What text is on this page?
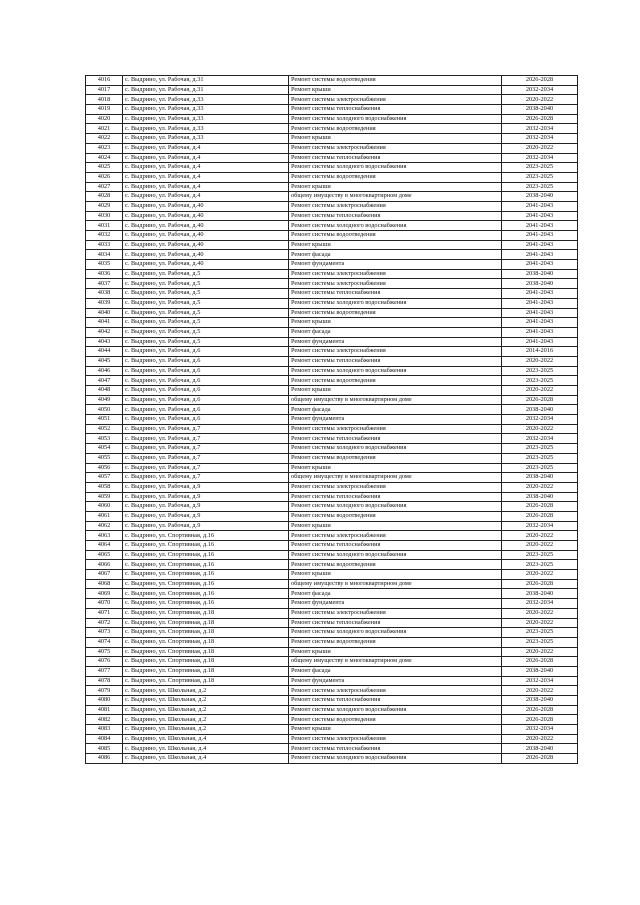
4016	с. Выдрино, ул. Рабочая, д.31	Ремонт системы водоотведения	2026-2028
4017	с. Выдрино, ул. Рабочая, д.31	Ремонт крыши	2032-2034
4018	с. Выдрино, ул. Рабочая, д.33	Ремонт системы электроснабжения	2020-2022
4019	с. Выдрино, ул. Рабочая, д.33	Ремонт системы теплоснабжения	2038-2040
4020	с. Выдрино, ул. Рабочая, д.33	Ремонт системы холодного водоснабжения	2026-2028
4021	с. Выдрино, ул. Рабочая, д.33	Ремонт системы водоотведения	2032-2034
4022	с. Выдрино, ул. Рабочая, д.33	Ремонт крыши	2032-2034
4023	с. Выдрино, ул. Рабочая, д.4	Ремонт системы электроснабжения	2020-2022
4024	с. Выдрино, ул. Рабочая, д.4	Ремонт системы теплоснабжения	2032-2034
4025	с. Выдрино, ул. Рабочая, д.4	Ремонт системы холодного водоснабжения	2023-2025
4026	с. Выдрино, ул. Рабочая, д.4	Ремонт системы водоотведения	2023-2025
4027	с. Выдрино, ул. Рабочая, д.4	Ремонт крыши	2023-2025
4028	с. Выдрино, ул. Рабочая, д.4	общему имуществу в многоквартирном доме	2038-2040
4029	с. Выдрино, ул. Рабочая, д.40	Ремонт системы электроснабжения	2041-2043
4030	с. Выдрино, ул. Рабочая, д.40	Ремонт системы теплоснабжения	2041-2043
4031	с. Выдрино, ул. Рабочая, д.40	Ремонт системы холодного водоснабжения	2041-2043
4032	с. Выдрино, ул. Рабочая, д.40	Ремонт системы водоотведения	2041-2043
4033	с. Выдрино, ул. Рабочая, д.40	Ремонт крыши	2041-2043
4034	с. Выдрино, ул. Рабочая, д.40	Ремонт фасада	2041-2043
4035	с. Выдрино, ул. Рабочая, д.40	Ремонт фундамента	2041-2043
4036	с. Выдрино, ул. Рабочая, д.5	Ремонт системы электроснабжения	2038-2040
4037	с. Выдрино, ул. Рабочая, д.5	Ремонт системы электроснабжения	2038-2040
4038	с. Выдрино, ул. Рабочая, д.5	Ремонт системы теплоснабжения	2041-2043
4039	с. Выдрино, ул. Рабочая, д.5	Ремонт системы холодного водоснабжения	2041-2043
4040	с. Выдрино, ул. Рабочая, д.5	Ремонт системы водоотведения	2041-2043
4041	с. Выдрино, ул. Рабочая, д.5	Ремонт крыши	2041-2043
4042	с. Выдрино, ул. Рабочая, д.5	Ремонт фасада	2041-2043
4043	с. Выдрино, ул. Рабочая, д.5	Ремонт фундамента	2041-2043
4044	с. Выдрино, ул. Рабочая, д.6	Ремонт системы электроснабжения	2014-2016
4045	с. Выдрино, ул. Рабочая, д.6	Ремонт системы теплоснабжения	2020-2022
4046	с. Выдрино, ул. Рабочая, д.6	Ремонт системы холодного водоснабжения	2023-2025
4047	с. Выдрино, ул. Рабочая, д.6	Ремонт системы водоотведения	2023-2025
4048	с. Выдрино, ул. Рабочая, д.6	Ремонт крыши	2020-2022
4049	с. Выдрино, ул. Рабочая, д.6	общему имуществу в многоквартирном доме	2026-2028
4050	с. Выдрино, ул. Рабочая, д.6	Ремонт фасада	2038-2040
4051	с. Выдрино, ул. Рабочая, д.6	Ремонт фундамента	2032-2034
4052	с. Выдрино, ул. Рабочая, д.7	Ремонт системы электроснабжения	2020-2022
4053	с. Выдрино, ул. Рабочая, д.7	Ремонт системы теплоснабжения	2032-2034
4054	с. Выдрино, ул. Рабочая, д.7	Ремонт системы холодного водоснабжения	2023-2025
4055	с. Выдрино, ул. Рабочая, д.7	Ремонт системы водоотведения	2023-2025
4056	с. Выдрино, ул. Рабочая, д.7	Ремонт крыши	2023-2025
4057	с. Выдрино, ул. Рабочая, д.7	общему имуществу в многоквартирном доме	2038-2040
4058	с. Выдрино, ул. Рабочая, д.9	Ремонт системы электроснабжения	2020-2022
4059	с. Выдрино, ул. Рабочая, д.9	Ремонт системы теплоснабжения	2038-2040
4060	с. Выдрино, ул. Рабочая, д.9	Ремонт системы холодного водоснабжения	2026-2028
4061	с. Выдрино, ул. Рабочая, д.9	Ремонт системы водоотведения	2026-2028
4062	с. Выдрино, ул. Рабочая, д.9	Ремонт крыши	2032-2034
4063	с. Выдрино, ул. Спортивная, д.16	Ремонт системы электроснабжения	2020-2022
4064	с. Выдрино, ул. Спортивная, д.16	Ремонт системы теплоснабжения	2020-2022
4065	с. Выдрино, ул. Спортивная, д.16	Ремонт системы холодного водоснабжения	2023-2025
4066	с. Выдрино, ул. Спортивная, д.16	Ремонт системы водоотведения	2023-2025
4067	с. Выдрино, ул. Спортивная, д.16	Ремонт крыши	2020-2022
4068	с. Выдрино, ул. Спортивная, д.16	общему имуществу в многоквартирном доме	2026-2028
4069	с. Выдрино, ул. Спортивная, д.16	Ремонт фасада	2038-2040
4070	с. Выдрино, ул. Спортивная, д.16	Ремонт фундамента	2032-2034
4071	с. Выдрино, ул. Спортивная, д.18	Ремонт системы электроснабжения	2020-2022
4072	с. Выдрино, ул. Спортивная, д.18	Ремонт системы теплоснабжения	2020-2022
4073	с. Выдрино, ул. Спортивная, д.18	Ремонт системы холодного водоснабжения	2023-2025
4074	с. Выдрино, ул. Спортивная, д.18	Ремонт системы водоотведения	2023-2025
4075	с. Выдрино, ул. Спортивная, д.18	Ремонт крыши	2020-2022
4076	с. Выдрино, ул. Спортивная, д.18	общему имуществу в многоквартирном доме	2026-2028
4077	с. Выдрино, ул. Спортивная, д.18	Ремонт фасада	2038-2040
4078	с. Выдрино, ул. Спортивная, д.18	Ремонт фундамента	2032-2034
4079	с. Выдрино, ул. Школьная, д.2	Ремонт системы электроснабжения	2020-2022
4080	с. Выдрино, ул. Школьная, д.2	Ремонт системы теплоснабжения	2038-2040
4081	с. Выдрино, ул. Школьная, д.2	Ремонт системы холодного водоснабжения	2026-2028
4082	с. Выдрино, ул. Школьная, д.2	Ремонт системы водоотведения	2026-2028
4083	с. Выдрино, ул. Школьная, д.2	Ремонт крыши	2032-2034
4084	с. Выдрино, ул. Школьная, д.4	Ремонт системы электроснабжения	2020-2022
4085	с. Выдрино, ул. Школьная, д.4	Ремонт системы теплоснабжения	2038-2040
4086	с. Выдрино, ул. Школьная, д.4	Ремонт системы холодного водоснабжения	2026-2028
